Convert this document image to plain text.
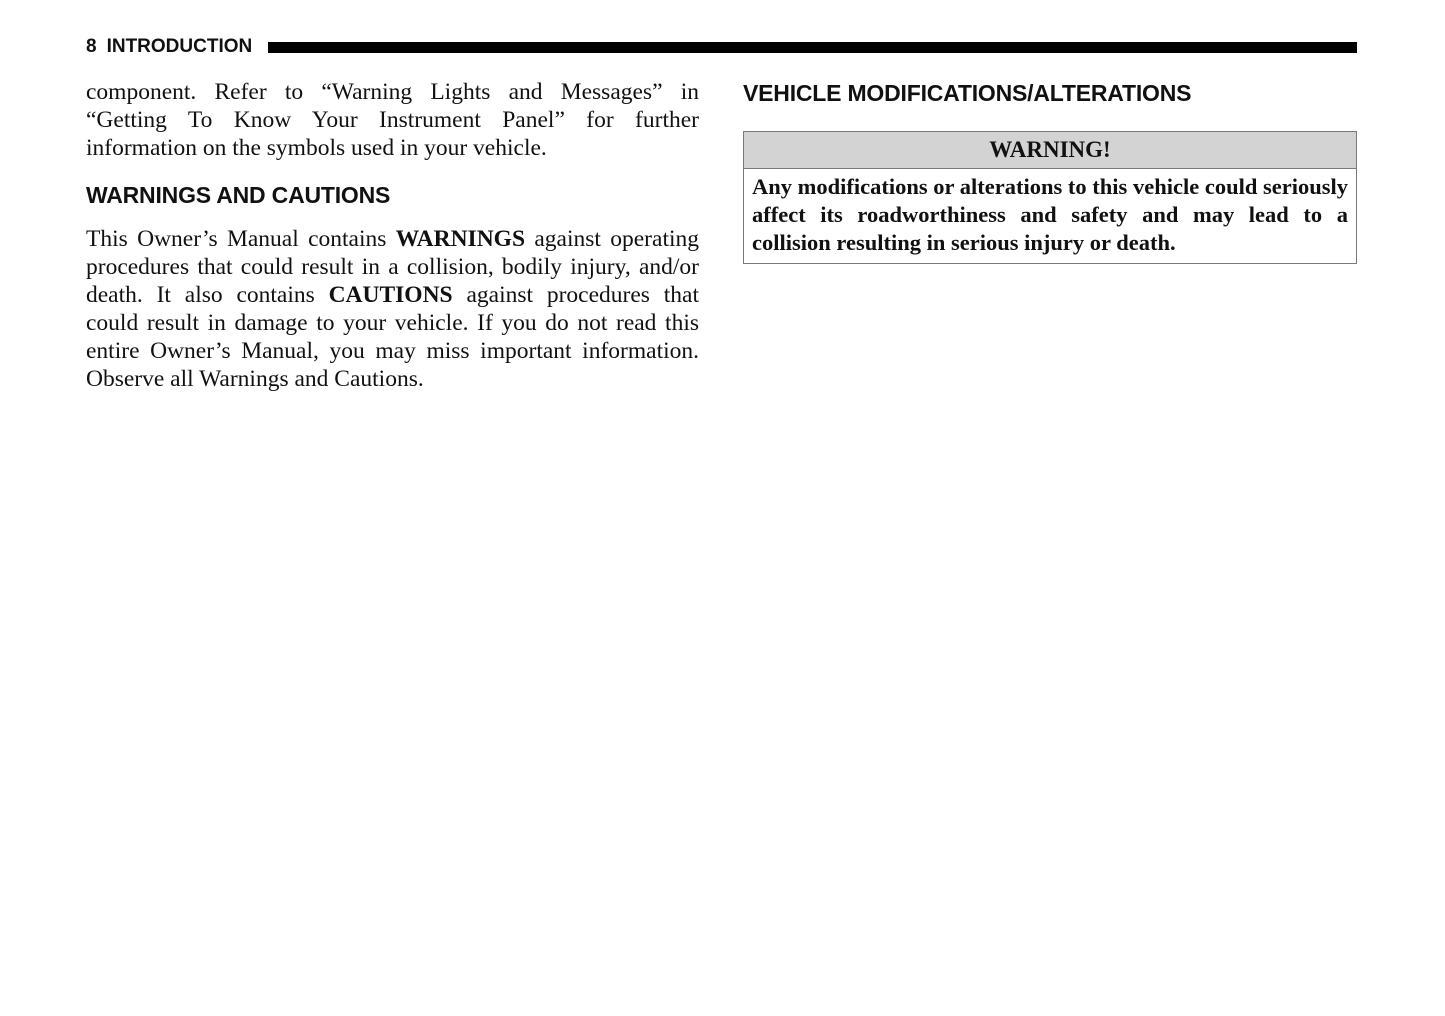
8 INTRODUCTION

component. Refer to “Warning Lights and Messages” in “Getting To Know Your Instrument Panel” for further information on the symbols used in your vehicle.

WARNINGS AND CAUTIONS

This Owner’s Manual contains WARNINGS against operating procedures that could result in a collision, bodily injury, and/or death. It also contains CAUTIONS against procedures that could result in damage to your vehicle. If you do not read this entire Owner’s Manual, you may miss important information. Observe all Warnings and Cautions.

VEHICLE MODIFICATIONS/ALTERATIONS
WARNING!
Any modifications or alterations to this vehicle could seriously affect its roadworthiness and safety and may lead to a collision resulting in serious injury or death.
